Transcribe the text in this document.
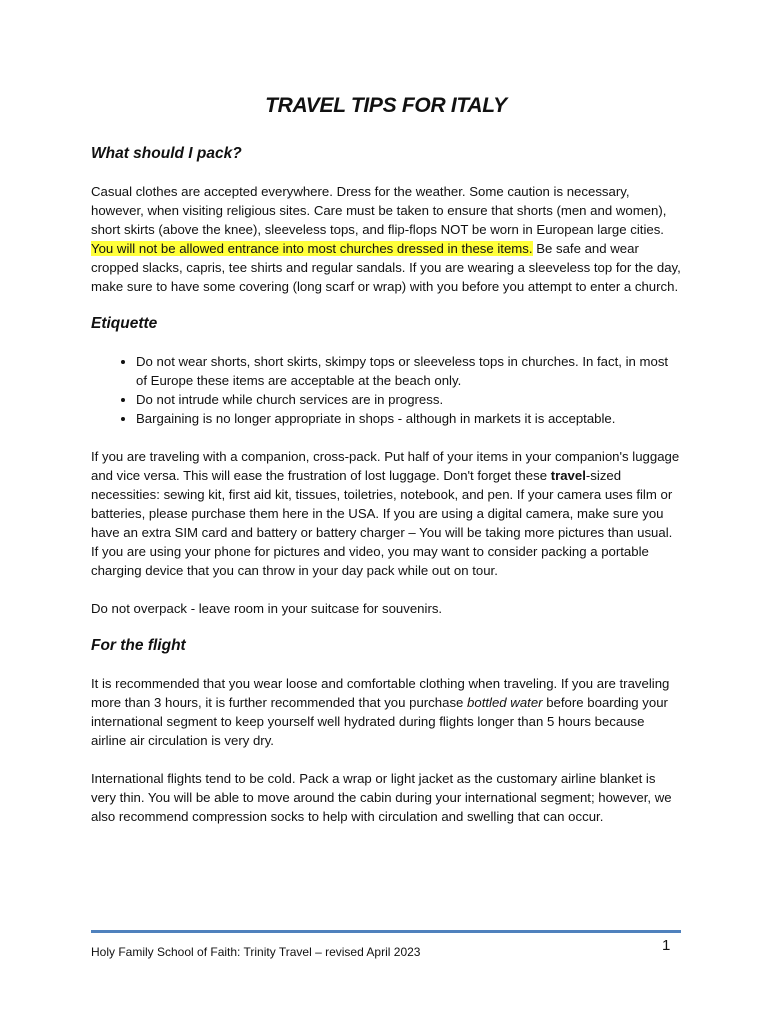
TRAVEL TIPS FOR ITALY
What should I pack?

Casual clothes are accepted everywhere. Dress for the weather. Some caution is necessary, however, when visiting religious sites. Care must be taken to ensure that shorts (men and women), short skirts (above the knee), sleeveless tops, and flip-flops NOT be worn in European large cities. You will not be allowed entrance into most churches dressed in these items. Be safe and wear cropped slacks, capris, tee shirts and regular sandals. If you are wearing a sleeveless top for the day, make sure to have some covering (long scarf or wrap) with you before you attempt to enter a church.

Etiquette
• Do not wear shorts, short skirts, skimpy tops or sleeveless tops in churches. In fact, in most of Europe these items are acceptable at the beach only.
• Do not intrude while church services are in progress.
• Bargaining is no longer appropriate in shops - although in markets it is acceptable.

If you are traveling with a companion, cross-pack. Put half of your items in your companion's luggage and vice versa. This will ease the frustration of lost luggage. Don't forget these travel-sized necessities: sewing kit, first aid kit, tissues, toiletries, notebook, and pen. If your camera uses film or batteries, please purchase them here in the USA. If you are using a digital camera, make sure you have an extra SIM card and battery or battery charger – You will be taking more pictures than usual. If you are using your phone for pictures and video, you may want to consider packing a portable charging device that you can throw in your day pack while out on tour.

Do not overpack - leave room in your suitcase for souvenirs.

For the flight

It is recommended that you wear loose and comfortable clothing when traveling. If you are traveling more than 3 hours, it is further recommended that you purchase bottled water before boarding your international segment to keep yourself well hydrated during flights longer than 5 hours because airline air circulation is very dry.

International flights tend to be cold. Pack a wrap or light jacket as the customary airline blanket is very thin. You will be able to move around the cabin during your international segment; however, we also recommend compression socks to help with circulation and swelling that can occur.

Holy Family School of Faith: Trinity Travel – revised April 2023	1
